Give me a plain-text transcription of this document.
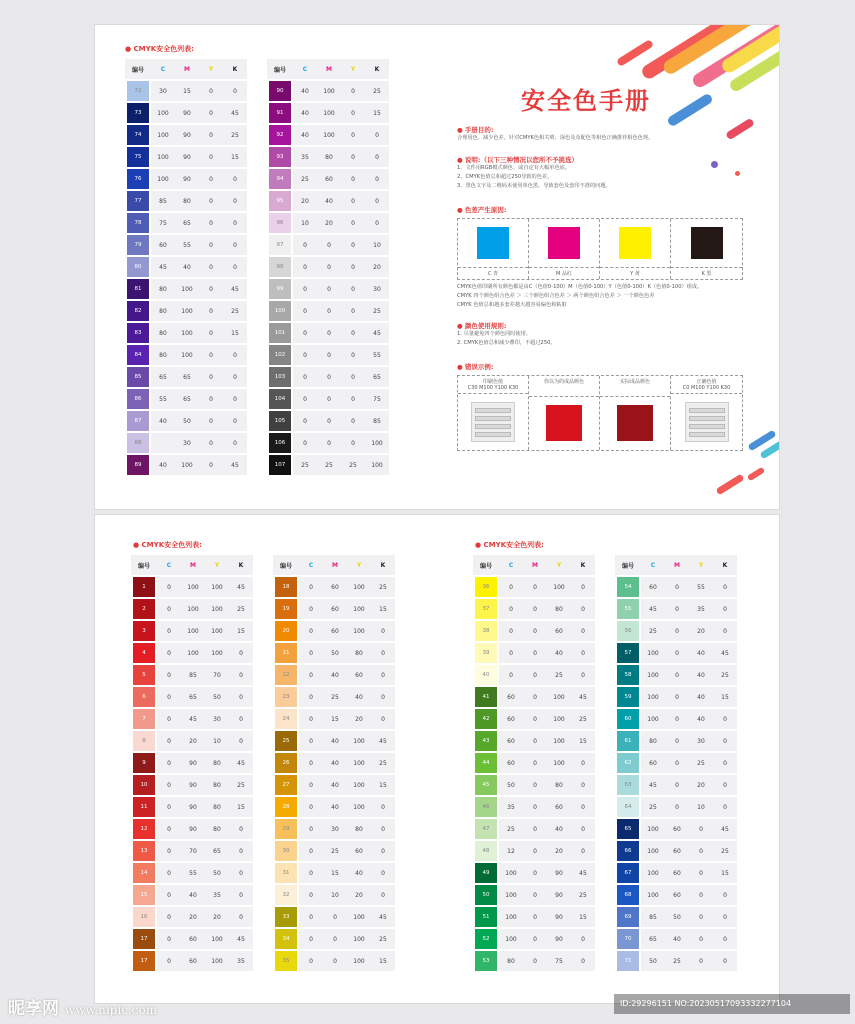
● CMYK安全色列表:
编号	C	M	Y	K

72	30	15	0	0

73	100	90	0	45

74	100	90	0	25

75	100	90	0	15

76	100	90	0	0

77	85	80	0	0

78	75	65	0	0

79	60	55	0	0

80	45	40	0	0

81	80	100	0	45

82	80	100	0	25

83	80	100	0	15

84	80	100	0	0

85	65	65	0	0

86	55	65	0	0

87	40	50	0	0

88		30	0	0

89	40	100	0	45
编号	C	M	Y	K

90	40	100	0	25

91	40	100	0	15

92	40	100	0	0

93	35	80	0	0

94	25	60	0	0

95	20	40	0	0

96	10	20	0	0

97	0	0	0	10

98	0	0	0	20

99	0	0	0	30

100	0	0	0	25

101	0	0	0	45

102	0	0	0	55

103	0	0	0	65

104	0	0	0	75

105	0	0	0	85

106	0	0	0	100

107	25	25	25	100
安全色手册
● 手册目的:
合理用色、减少色差。针对CMYK色相关喷、深色及及配色等相色正确推荐相色色规。
● 说明:（以下三种情况以您所不予挑选）
1、文件用RGB模式颜色、或自定有大幅单色底。
2、CMYK色值总和超过250导致的色差。
3、黑色文字及二维码未使用单色黑、导致套色及套印不准的问题。
● 色差产生原因:
C 青	M 品红	Y 黄	K 黑
CMYK色值印刷所有颜色都是由C（色值0-100）M（色值0-100）Y（色值0-100）K（色值0-100）组成。
CMYK 四个颜色组合色差 ＞ 三个颜色组合色差 ＞ 两个颜色组合色差 ＞ 一个颜色色差
CMYK 色值总和越多套差越大越容易偏色和粘脏
● 颜色使用规则:
1. 尽量避免四个颜色同时使用。
2. CMYK色值总和减少叠印，不超过250。
● 错误示例:
印刷色值
C30 M100 Y100 K30
你以为的成品颜色	实际成品颜色	正确色值
C0 M100 Y100 K30
● CMYK安全色列表:
编号	C	M	Y	K

1	0	100	100	45

2	0	100	100	25

3	0	100	100	15

4	0	100	100	0

5	0	85	70	0

6	0	65	50	0

7	0	45	30	0

8	0	20	10	0

9	0	90	80	45

10	0	90	80	25

11	0	90	80	15

12	0	90	80	0

13	0	70	65	0

14	0	55	50	0

15	0	40	35	0

16	0	20	20	0

17	0	60	100	45

17	0	60	100	35
编号	C	M	Y	K

18	0	60	100	25

19	0	60	100	15

20	0	60	100	0

21	0	50	80	0

22	0	40	60	0

23	0	25	40	0

24	0	15	20	0

25	0	40	100	45

26	0	40	100	25

27	0	40	100	15

28	0	40	100	0

29	0	30	80	0

30	0	25	60	0

31	0	15	40	0

32	0	10	20	0

33	0	0	100	45

34	0	0	100	25

35	0	0	100	15
● CMYK安全色列表:
编号	C	M	Y	K

36	0	0	100	0

37	0	0	80	0

38	0	0	60	0

39	0	0	40	0

40	0	0	25	0

41	60	0	100	45

42	60	0	100	25

43	60	0	100	15

44	60	0	100	0

45	50	0	80	0

46	35	0	60	0

47	25	0	40	0

48	12	0	20	0

49	100	0	90	45

50	100	0	90	25

51	100	0	90	15

52	100	0	90	0

53	80	0	75	0
编号	C	M	Y	K

54	60	0	55	0

55	45	0	35	0

56	25	0	20	0

57	100	0	40	45

58	100	0	40	25

59	100	0	40	15

60	100	0	40	0

61	80	0	30	0

62	60	0	25	0

63	45	0	20	0

64	25	0	10	0

65	100	60	0	45

66	100	60	0	25

67	100	60	0	15

68	100	60	0	0

69	85	50	0	0

70	65	40	0	0

71	50	25	0	0
昵享网 www.nipic.com	ID:29296151 NO:20230517093332277104
